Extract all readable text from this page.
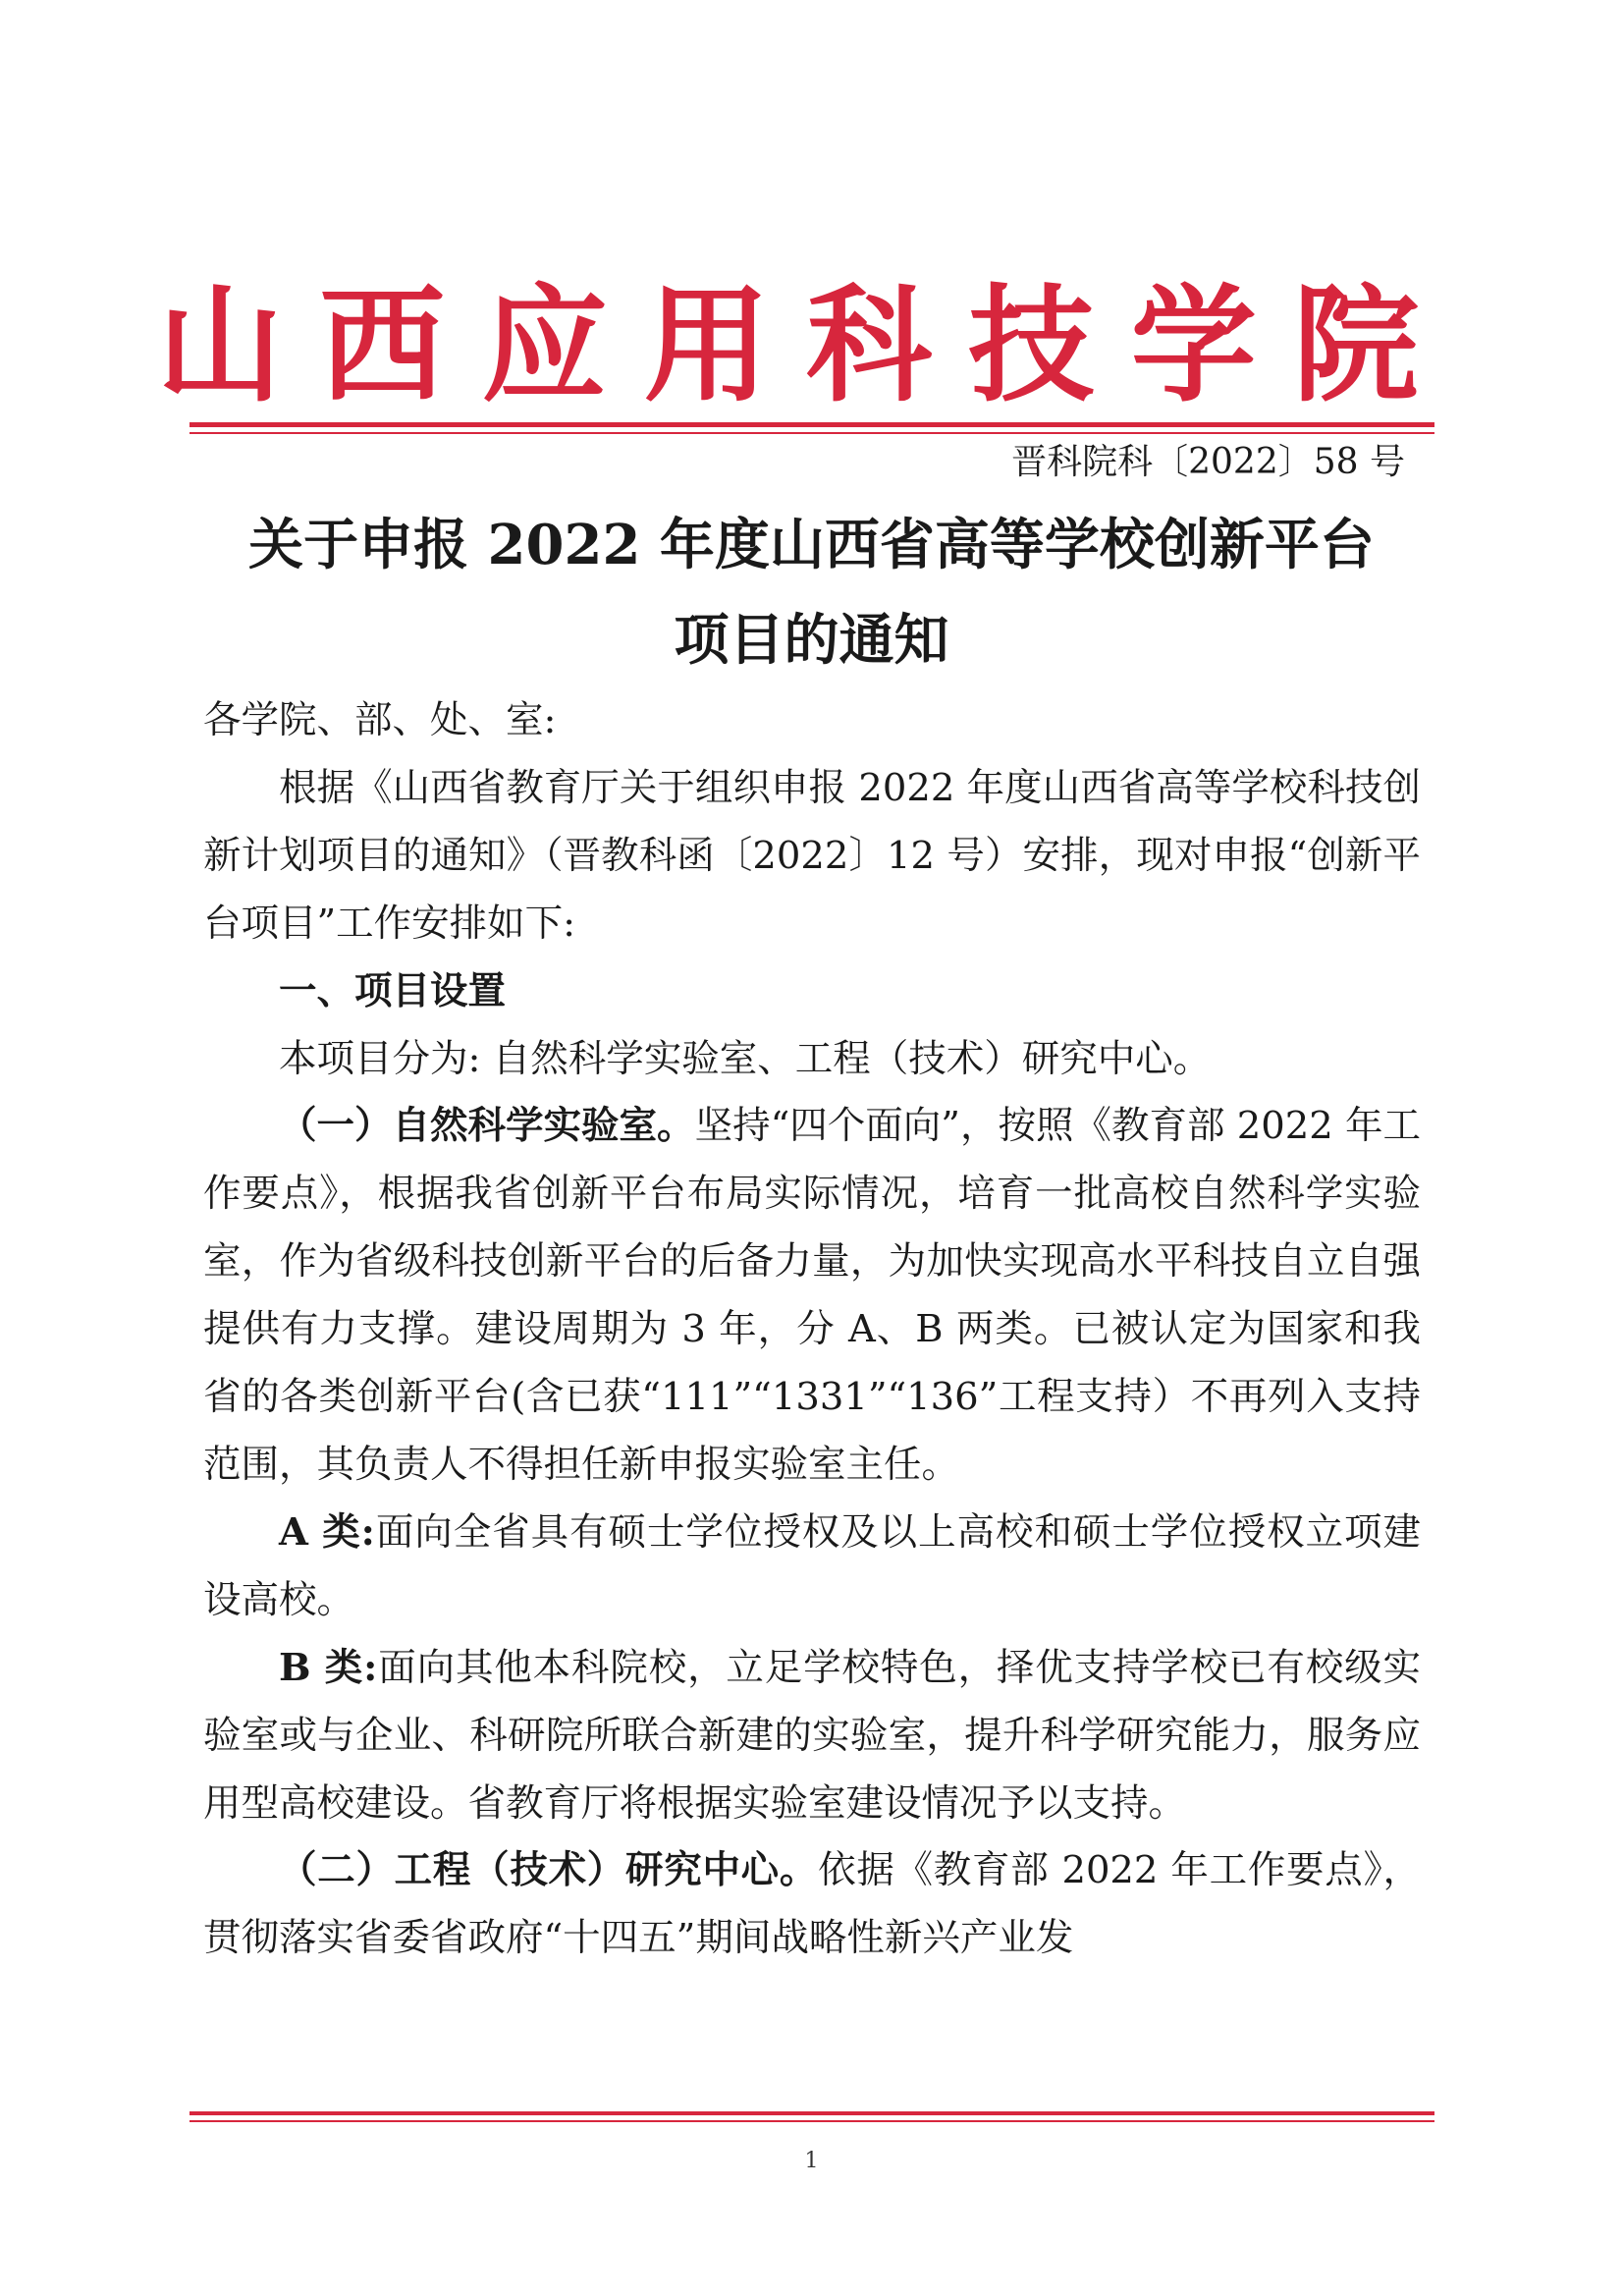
山 西 应 用 科 技 学 院
晋科院科〔2022〕58 号
关于申报 2022 年度山西省高等学校创新平台
项目的通知

各学院、部、处、室:

根据《山西省教育厅关于组织申报 2022 年度山西省高等学校科技创新计划项目的通知》（晋教科函〔2022〕12 号）安排，现对申报“创新平台项目”工作安排如下:

一、项目设置

本项目分为: 自然科学实验室、工程（技术）研究中心。

（一）自然科学实验室。坚持“四个面向”，按照《教育部 2022 年工作要点》，根据我省创新平台布局实际情况，培育一批高校自然科学实验室，作为省级科技创新平台的后备力量，为加快实现高水平科技自立自强提供有力支撑。建设周期为 3 年，分 A、B 两类。已被认定为国家和我省的各类创新平台(含已获“111”“1331”“136”工程支持）不再列入支持范围，其负责人不得担任新申报实验室主任。

A 类:面向全省具有硕士学位授权及以上高校和硕士学位授权立项建设高校。

B 类:面向其他本科院校，立足学校特色，择优支持学校已有校级实验室或与企业、科研院所联合新建的实验室，提升科学研究能力，服务应用型高校建设。省教育厅将根据实验室建设情况予以支持。

（二）工程（技术）研究中心。依据《教育部 2022 年工作要点》，贯彻落实省委省政府“十四五”期间战略性新兴产业发

1
